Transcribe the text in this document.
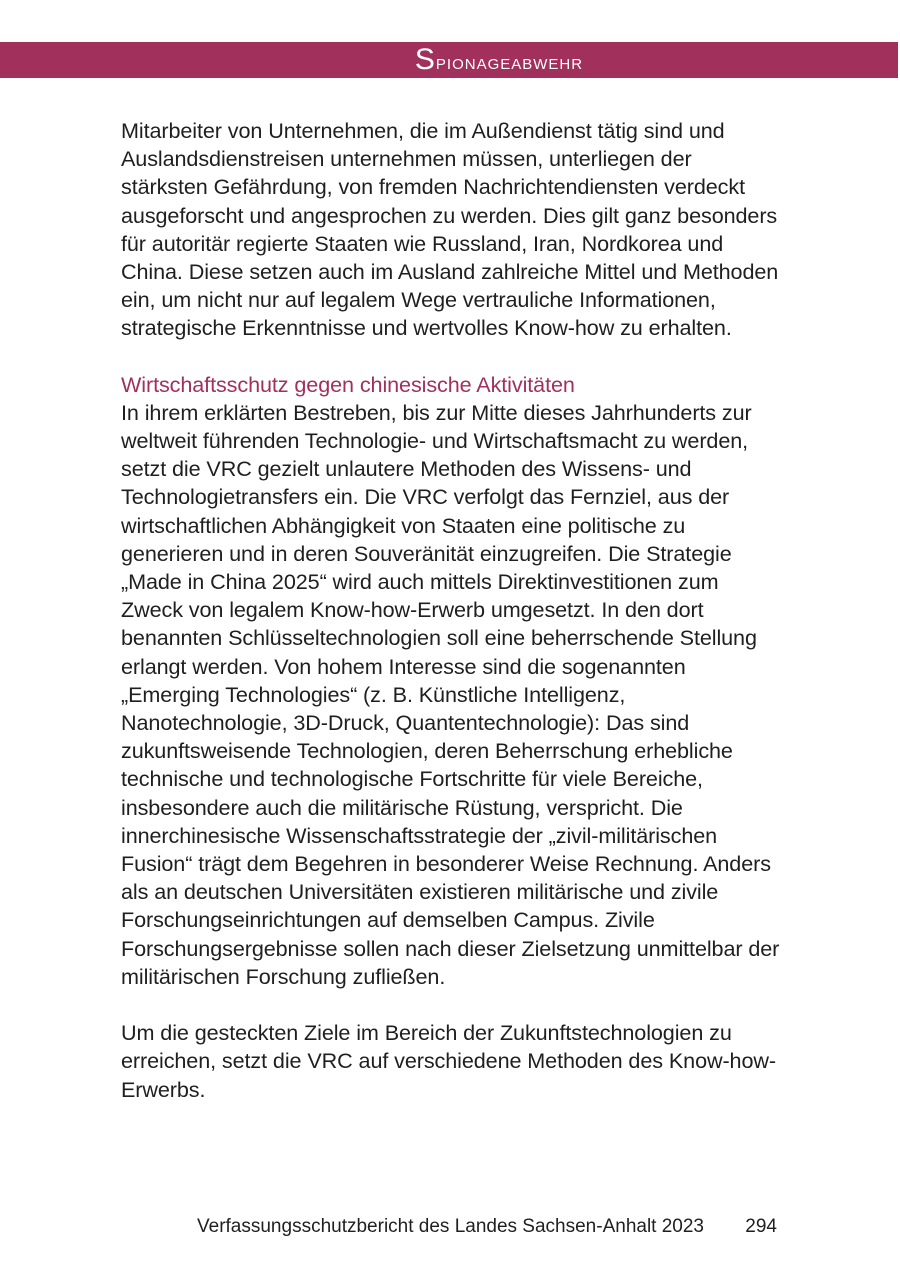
Spionageabwehr

Mitarbeiter von Unternehmen, die im Außendienst tätig sind und Auslandsdienstreisen unternehmen müssen, unterliegen der stärksten Gefährdung, von fremden Nachrichtendiensten verdeckt ausgeforscht und angesprochen zu werden. Dies gilt ganz besonders für autoritär regierte Staaten wie Russland, Iran, Nordkorea und China. Diese setzen auch im Ausland zahlreiche Mittel und Methoden ein, um nicht nur auf legalem Wege vertrauliche Informationen, strategische Erkenntnisse und wertvolles Know-how zu erhalten.

Wirtschaftsschutz gegen chinesische Aktivitäten

In ihrem erklärten Bestreben, bis zur Mitte dieses Jahrhunderts zur weltweit führenden Technologie- und Wirtschaftsmacht zu werden, setzt die VRC gezielt unlautere Methoden des Wissens- und Technologietransfers ein. Die VRC verfolgt das Fernziel, aus der wirtschaftlichen Abhängigkeit von Staaten eine politische zu generieren und in deren Souveränität einzugreifen. Die Strategie „Made in China 2025“ wird auch mittels Direktinvestitionen zum Zweck von legalem Know-how-Erwerb umgesetzt. In den dort benannten Schlüsseltechnologien soll eine beherrschende Stellung erlangt werden. Von hohem Interesse sind die sogenannten „Emerging Technologies“ (z. B. Künstliche Intelligenz, Nanotechnologie, 3D-Druck, Quantentechnologie): Das sind zukunftsweisende Technologien, deren Beherrschung erhebliche technische und technologische Fortschritte für viele Bereiche, insbesondere auch die militärische Rüstung, verspricht. Die innerchinesische Wissenschaftsstrategie der „zivil-militärischen Fusion“ trägt dem Begehren in besonderer Weise Rechnung. Anders als an deutschen Universitäten existieren militärische und zivile Forschungseinrichtungen auf demselben Campus. Zivile Forschungsergebnisse sollen nach dieser Zielsetzung unmittelbar der militärischen Forschung zufließen.

Um die gesteckten Ziele im Bereich der Zukunftstechnologien zu erreichen, setzt die VRC auf verschiedene Methoden des Know-how-Erwerbs.

Verfassungsschutzbericht des Landes Sachsen-Anhalt 2023 294
